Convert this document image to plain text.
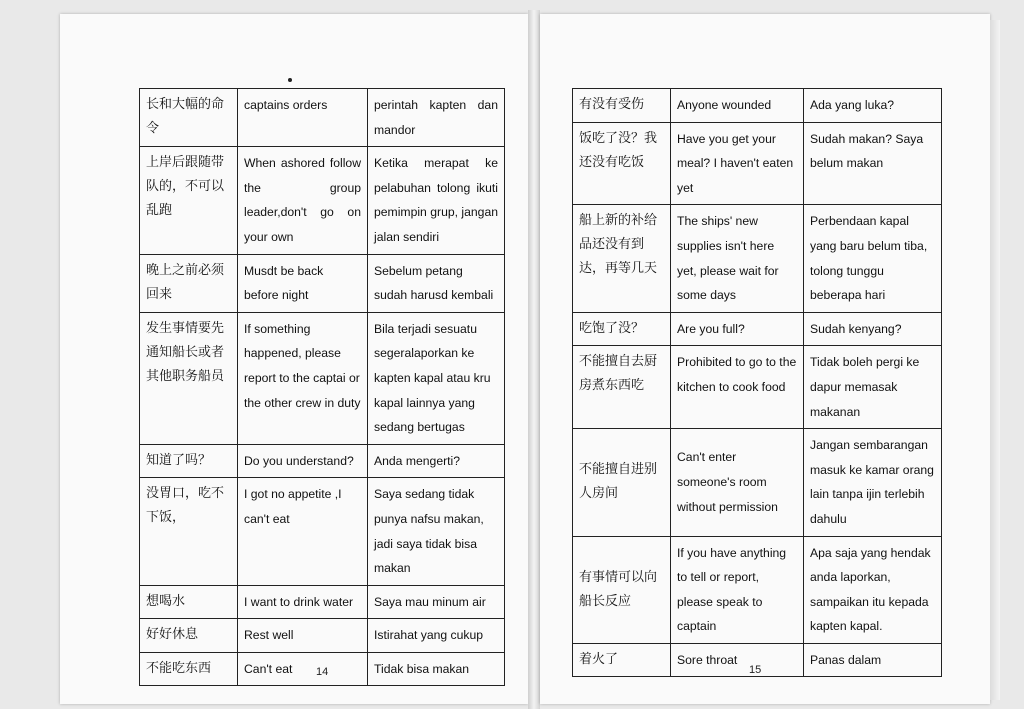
长和大幅的命令	captains orders	perintah kapten dan mandor
上岸后跟随带队的，不可以乱跑	When ashored follow the group leader,don't go on your own	Ketika merapat ke pelabuhan tolong ikuti pemimpin grup, jangan jalan sendiri
晚上之前必须回来	Musdt be back before night	Sebelum petang sudah harusd kembali
发生事情要先通知船长或者其他职务船员	If something happened, please report to the captai or the other crew in duty	Bila terjadi sesuatu segeralaporkan ke kapten kapal atau kru kapal lainnya yang sedang bertugas
知道了吗？	Do you understand?	Anda mengerti?
没胃口，吃不下饭，	I got no appetite ,I can't eat	Saya sedang tidak punya nafsu makan, jadi saya tidak bisa makan
想喝水	I want to drink water	Saya mau minum air
好好休息	Rest well	Istirahat yang cukup
不能吃东西	Can't eat	Tidak bisa makan
有没有受伤	Anyone wounded	Ada yang luka?
饭吃了没？我还没有吃饭	Have you get your meal? I haven't eaten yet	Sudah makan? Saya belum makan
船上新的补给品还没有到达，再等几天	The ships' new supplies isn't here yet, please wait for some days	Perbendaan kapal yang baru belum tiba, tolong tunggu beberapa hari
吃饱了没？	Are you full?	Sudah kenyang?
不能擅自去厨房煮东西吃	Prohibited to go to the kitchen to cook food	Tidak boleh pergi ke dapur memasak makanan
不能擅自进别人房间	Can't enter someone's room without permission	Jangan sembarangan masuk ke kamar orang lain tanpa ijin terlebih dahulu
有事情可以向船长反应	If you have anything to tell or report, please speak to captain	Apa saja yang hendak anda laporkan, sampaikan itu kepada kapten kapal.
着火了	Sore throat	Panas dalam
14	15
